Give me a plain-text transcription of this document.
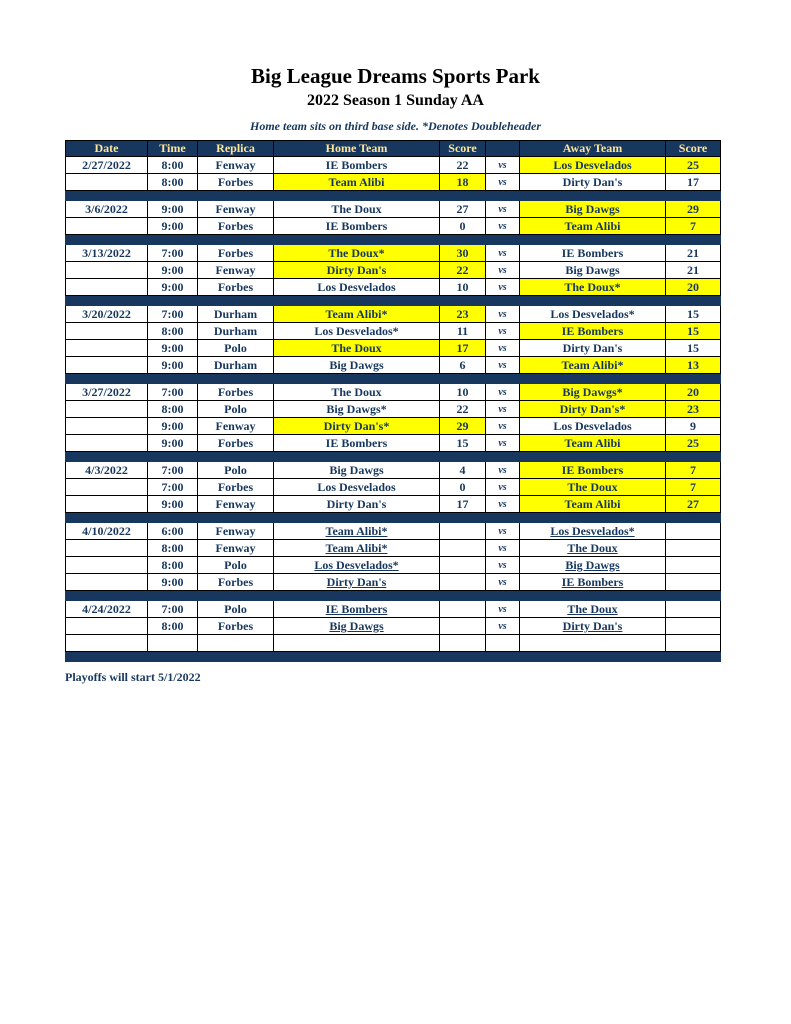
Big League Dreams Sports Park
2022 Season 1 Sunday AA
Home team sits on third base side. *Denotes Doubleheader
Date	Time	Replica	Home Team	Score		Away Team	Score
2/27/2022	8:00	Fenway	IE Bombers	22	vs	Los Desvelados	25
	8:00	Forbes	Team Alibi	18	vs	Dirty Dan's	17

3/6/2022	9:00	Fenway	The Doux	27	vs	Big Dawgs	29
	9:00	Forbes	IE Bombers	0	vs	Team Alibi	7

3/13/2022	7:00	Forbes	The Doux*	30	vs	IE Bombers	21
	9:00	Fenway	Dirty Dan's	22	vs	Big Dawgs	21
	9:00	Forbes	Los Desvelados	10	vs	The Doux*	20

3/20/2022	7:00	Durham	Team Alibi*	23	vs	Los Desvelados*	15
	8:00	Durham	Los Desvelados*	11	vs	IE Bombers	15
	9:00	Polo	The Doux	17	vs	Dirty Dan's	15
	9:00	Durham	Big Dawgs	6	vs	Team Alibi*	13

3/27/2022	7:00	Forbes	The Doux	10	vs	Big Dawgs*	20
	8:00	Polo	Big Dawgs*	22	vs	Dirty Dan's*	23
	9:00	Fenway	Dirty Dan's*	29	vs	Los Desvelados	9
	9:00	Forbes	IE Bombers	15	vs	Team Alibi	25

4/3/2022	7:00	Polo	Big Dawgs	4	vs	IE Bombers	7
	7:00	Forbes	Los Desvelados	0	vs	The Doux	7
	9:00	Fenway	Dirty Dan's	17	vs	Team Alibi	27

4/10/2022	6:00	Fenway	Team Alibi*		vs	Los Desvelados*	
	8:00	Fenway	Team Alibi*		vs	The Doux	
	8:00	Polo	Los Desvelados*		vs	Big Dawgs	
	9:00	Forbes	Dirty Dan's		vs	IE Bombers	

4/24/2022	7:00	Polo	IE Bombers		vs	The Doux	
	8:00	Forbes	Big Dawgs		vs	Dirty Dan's	

Playoffs will start 5/1/2022
